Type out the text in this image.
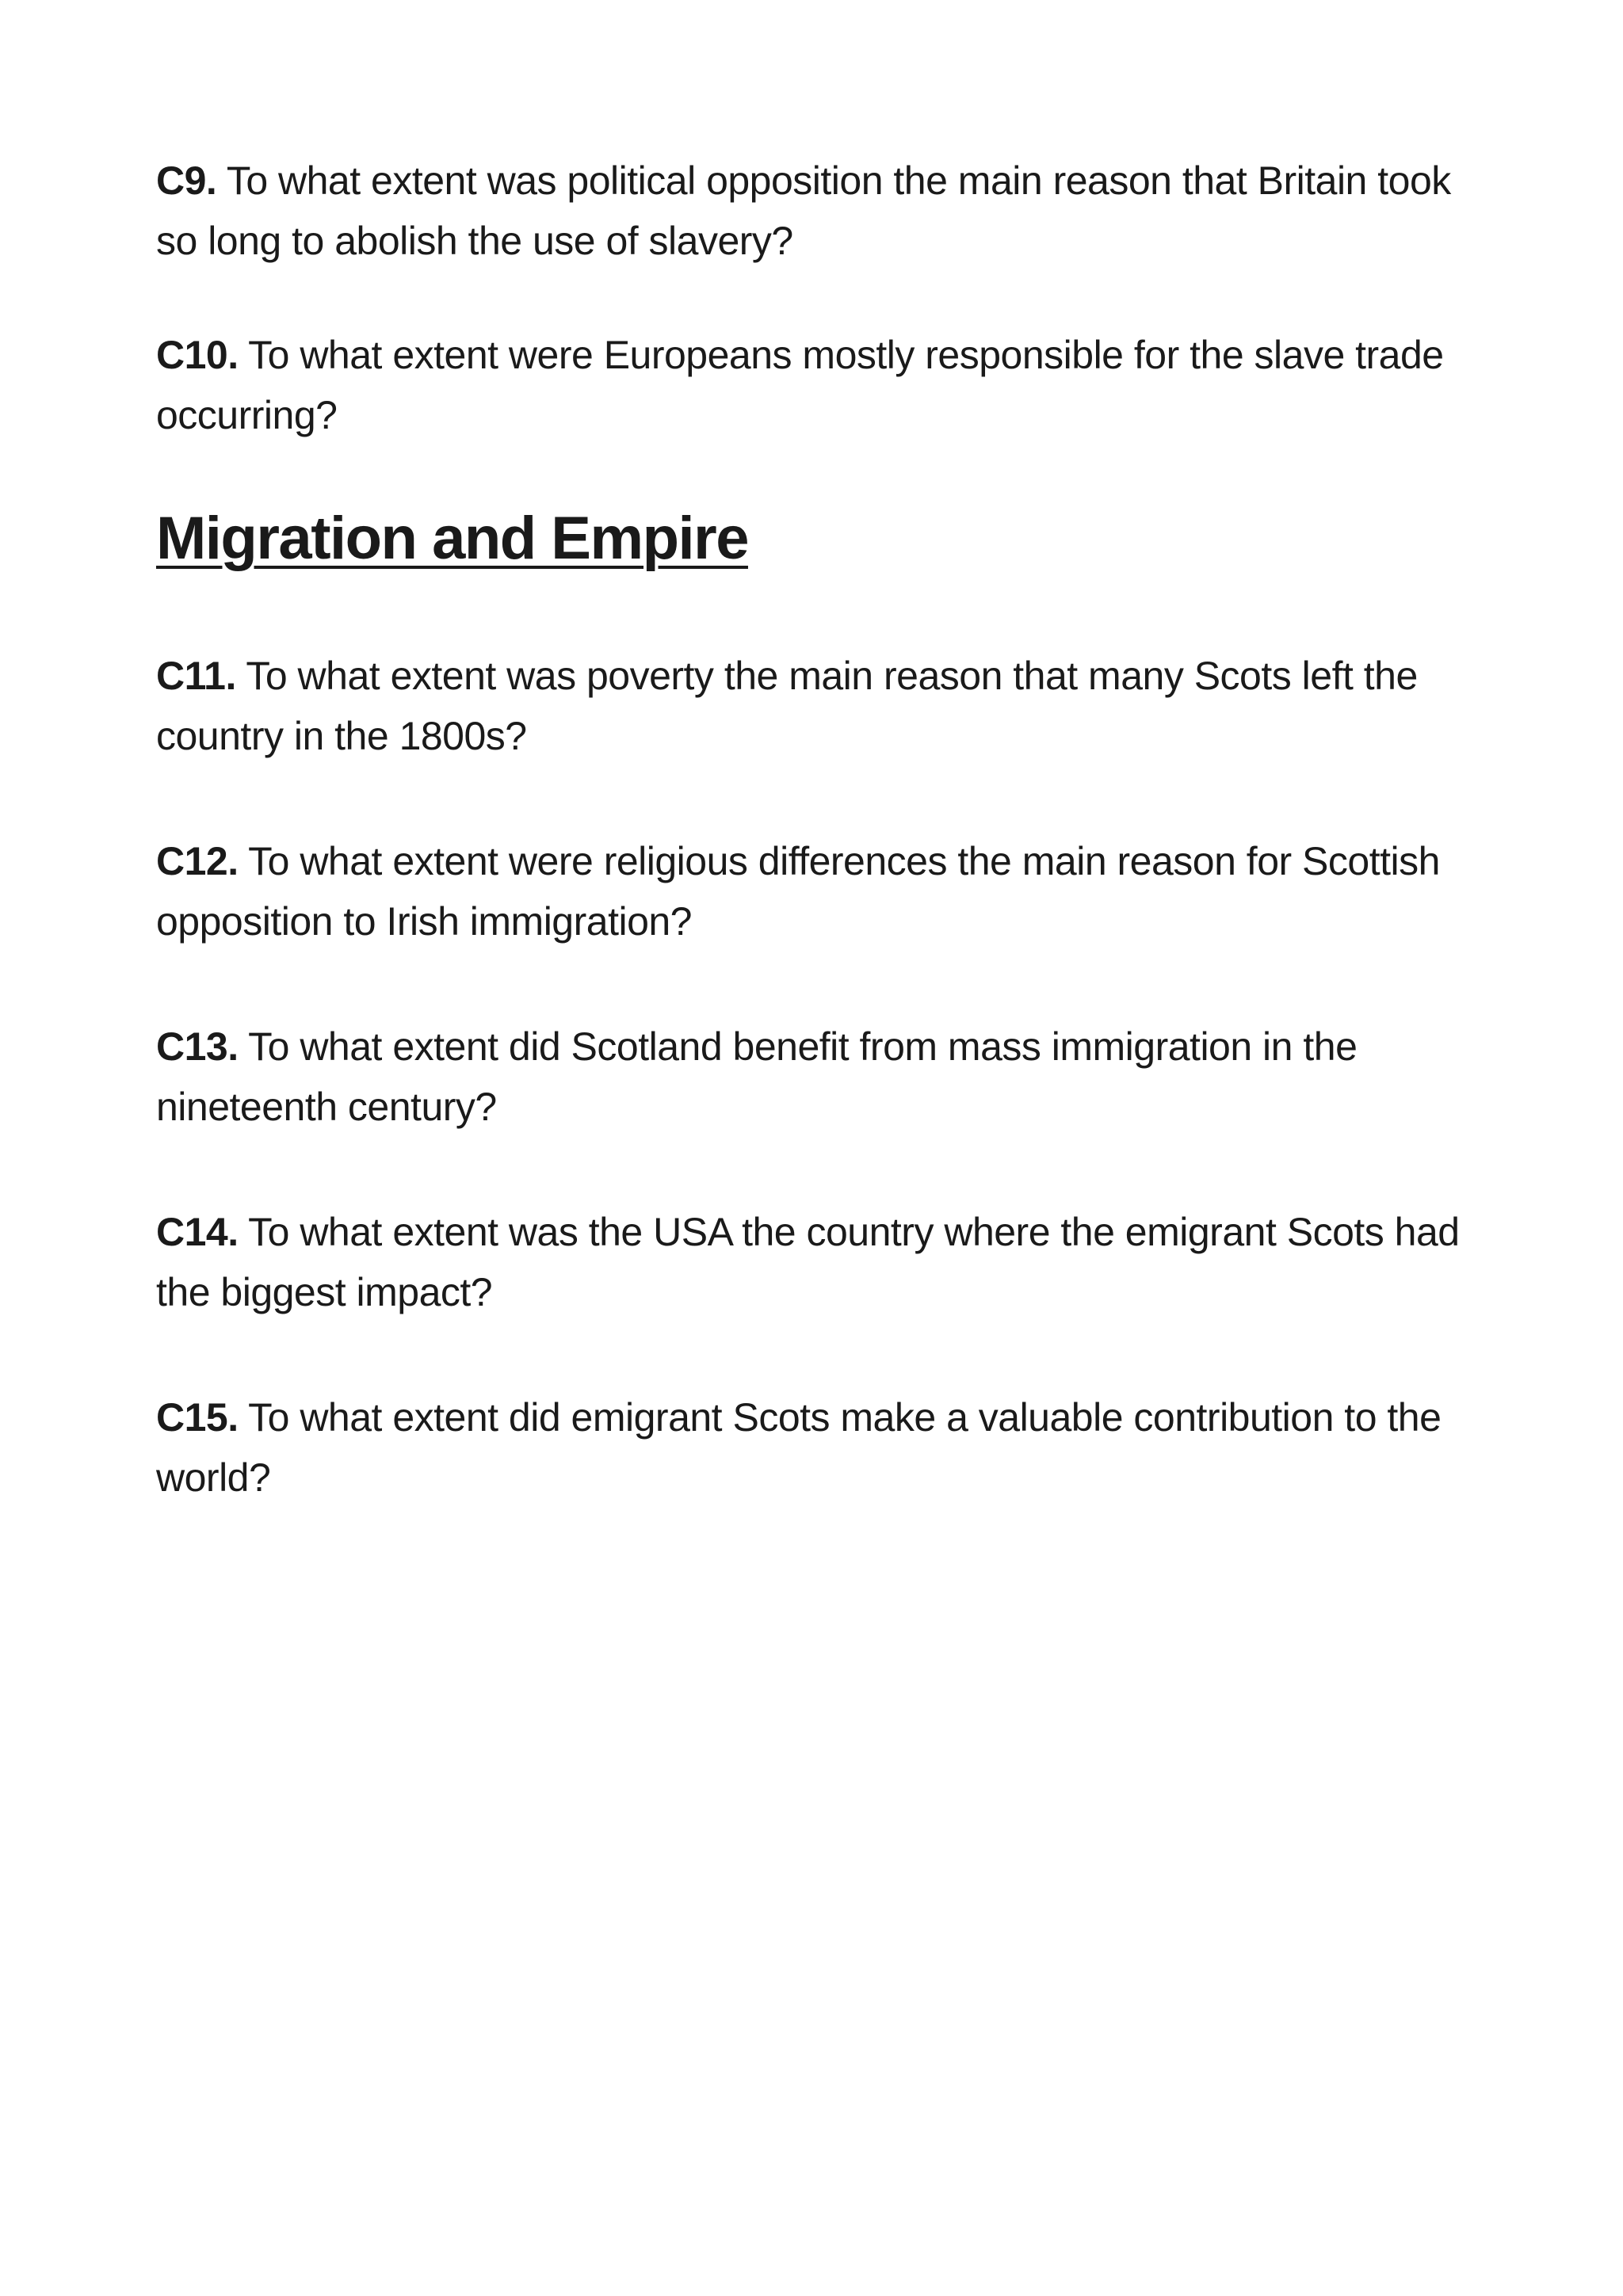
C9. To what extent was political opposition the main reason that Britain took so long to abolish the use of slavery?

C10. To what extent were Europeans mostly responsible for the slave trade occurring?

Migration and Empire

C11. To what extent was poverty the main reason that many Scots left the country in the 1800s?

C12. To what extent were religious differences the main reason for Scottish opposition to Irish immigration?

C13. To what extent did Scotland benefit from mass immigration in the nineteenth century?

C14. To what extent was the USA the country where the emigrant Scots had the biggest impact?

C15. To what extent did emigrant Scots make a valuable contribution to the world?
